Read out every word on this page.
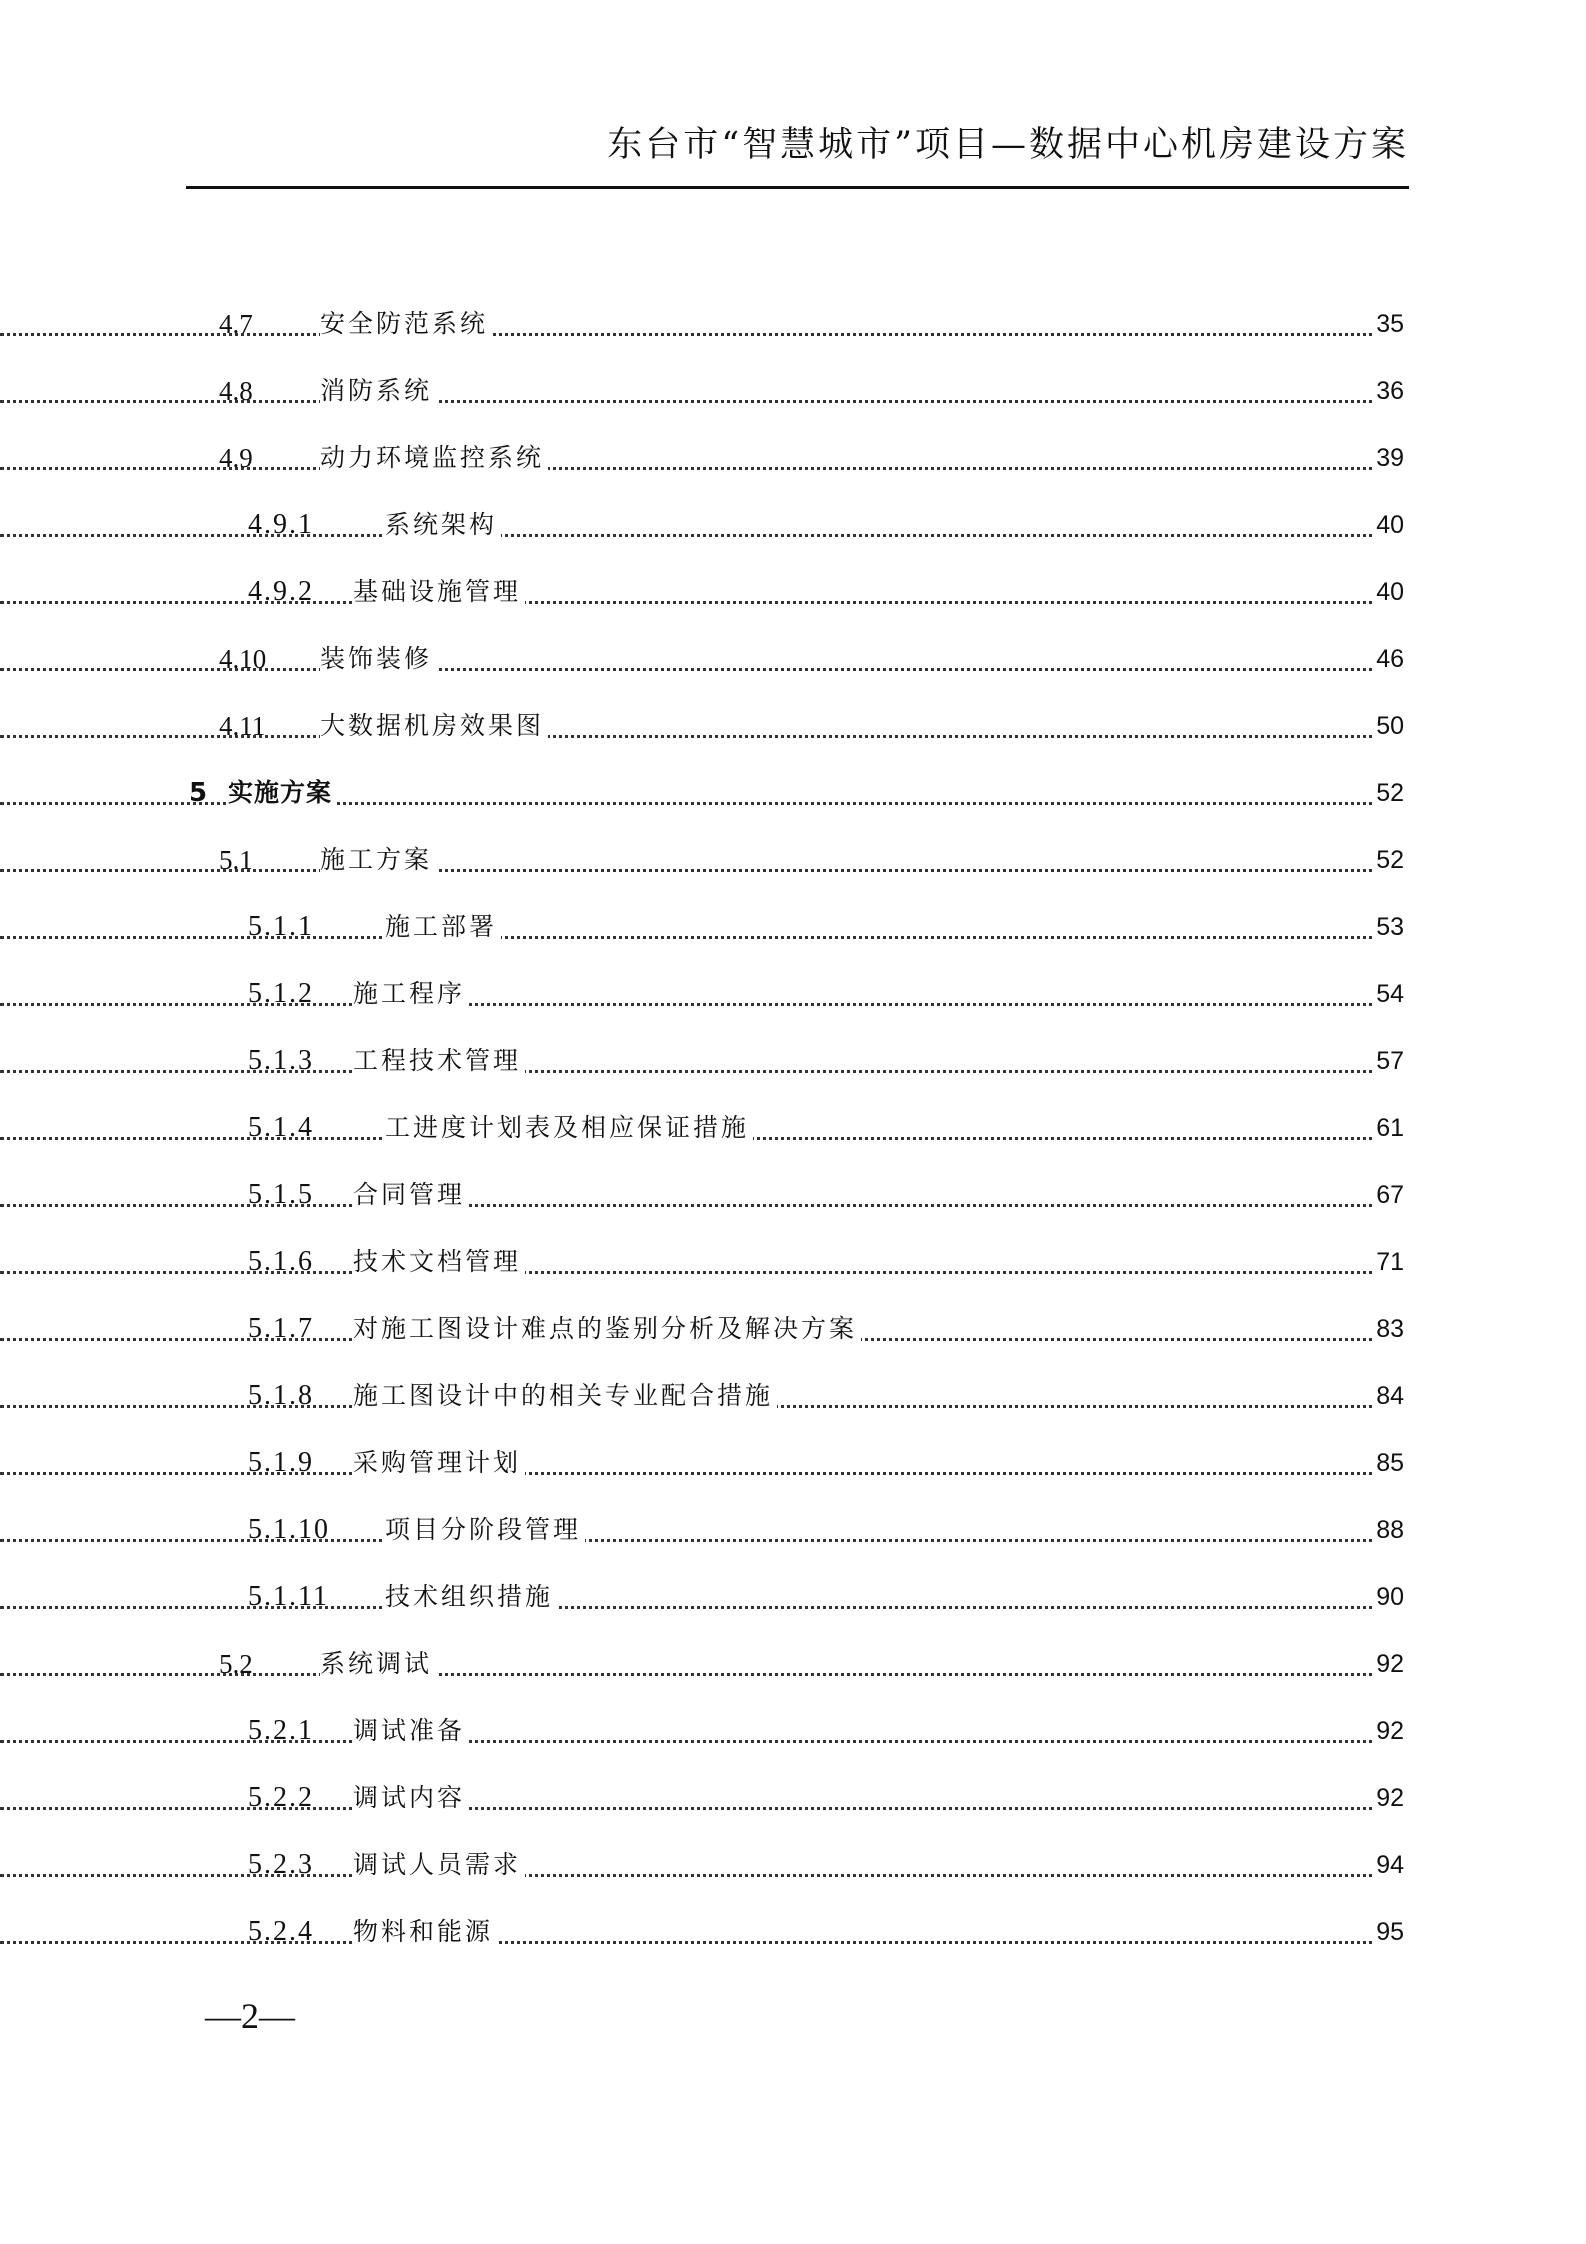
东台市“智慧城市”项目—数据中心机房建设方案
4.7	安全防范系统	35
4.8	消防系统	36
4.9	动力环境监控系统	39
4.9.1	系统架构	40
4.9.2 基础设施管理	40
4.10 装饰装修	46
4.11 大数据机房效果图	50
5 实施方案	52
5.1	施工方案	52
5.1.1	施工部署	53
5.1.2 施工程序	54
5.1.3 工程技术管理	57
5.1.4	工进度计划表及相应保证措施	61
5.1.5 合同管理	67
5.1.6 技术文档管理	71
5.1.7 对施工图设计难点的鉴别分析及解决方案	83
5.1.8 施工图设计中的相关专业配合措施	84
5.1.9 采购管理计划	85
5.1.10 项目分阶段管理	88
5.1.11 技术组织措施	90
5.2	系统调试	92
5.2.1 调试准备	92
5.2.2 调试内容	92
5.2.3 调试人员需求	94
5.2.4 物料和能源	95
—2—
